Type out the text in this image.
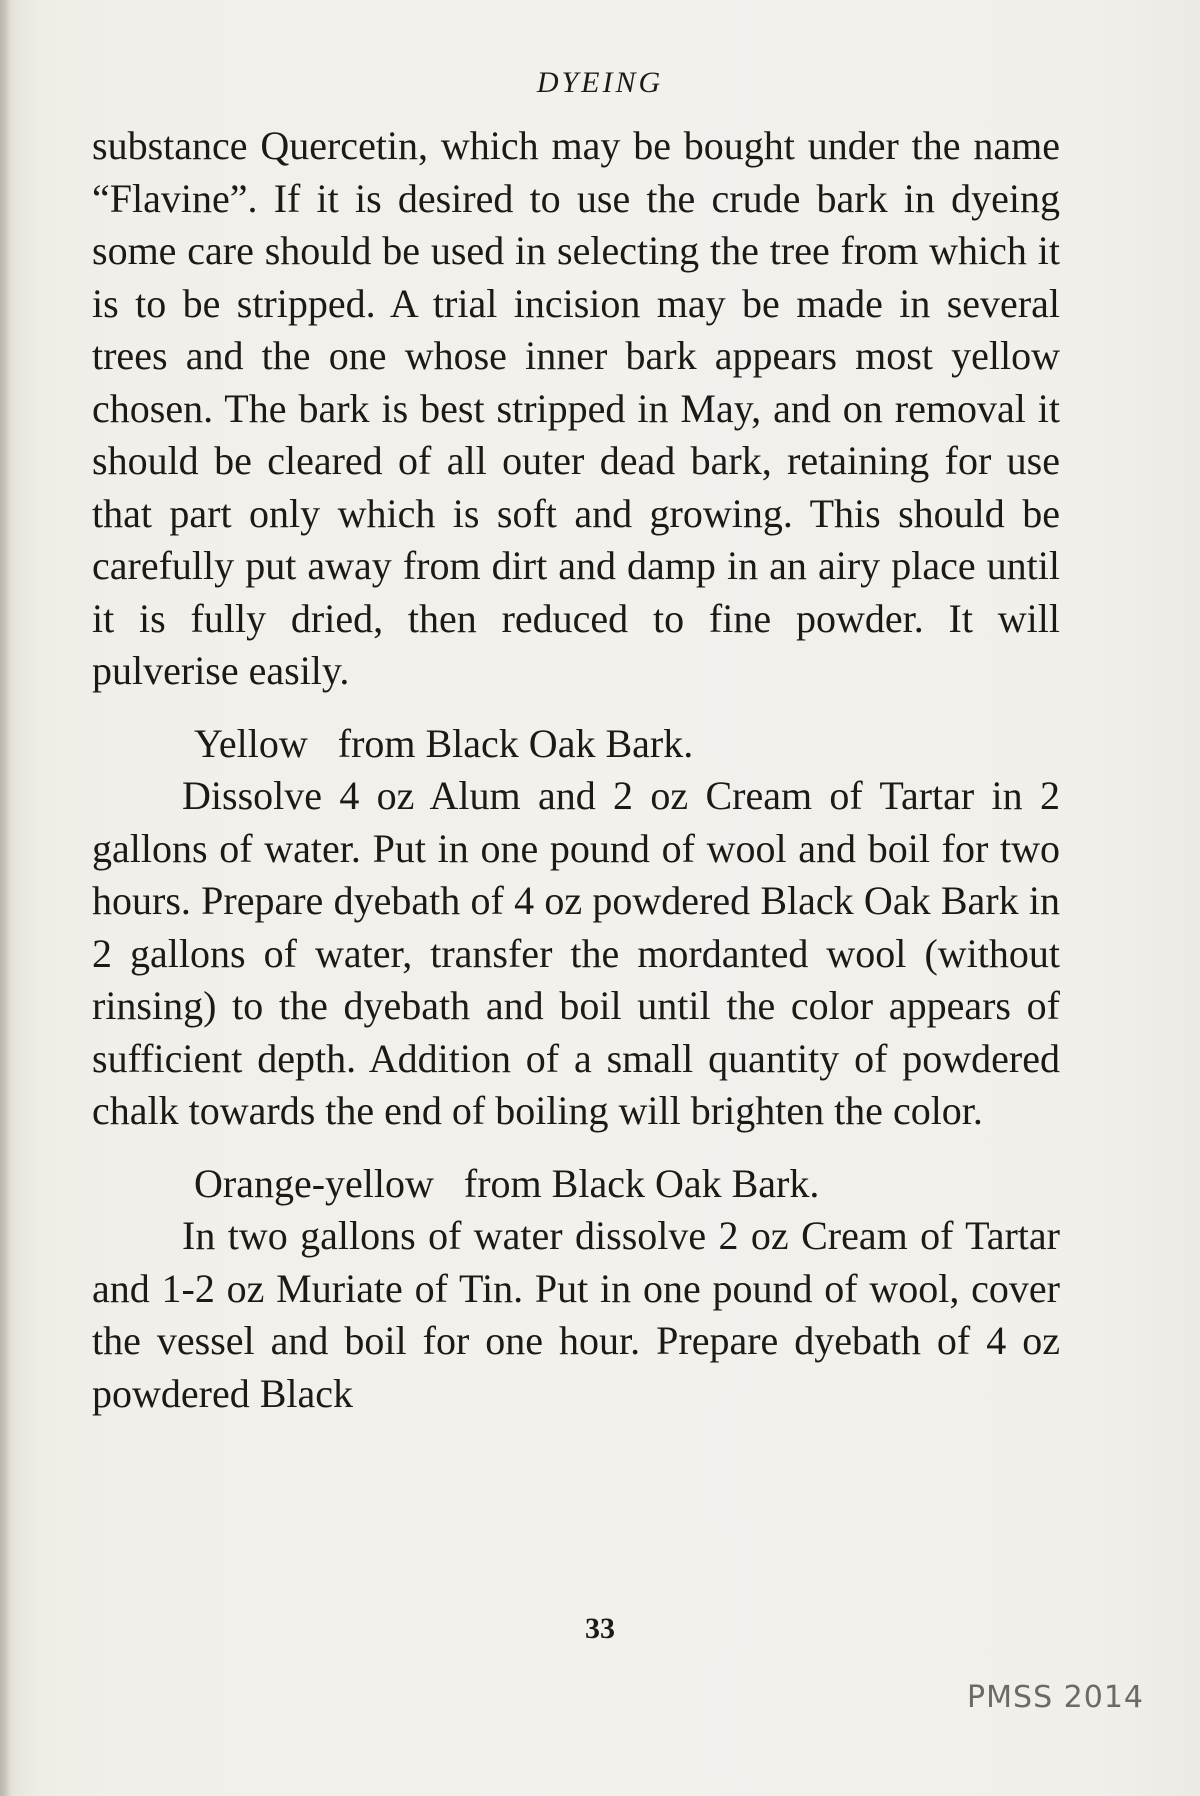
DYEING

substance Quercetin, which may be bought under the name “Flavine”. If it is desired to use the crude bark in dyeing some care should be used in selecting the tree from which it is to be stripped. A trial incision may be made in several trees and the one whose inner bark appears most yellow chosen. The bark is best stripped in May, and on removal it should be cleared of all outer dead bark, retaining for use that part only which is soft and growing. This should be carefully put away from dirt and damp in an airy place until it is fully dried, then reduced to fine powder. It will pulverise easily.

Yellow   from Black Oak Bark.

Dissolve 4 oz Alum and 2 oz Cream of Tartar in 2 gallons of water. Put in one pound of wool and boil for two hours. Prepare dyebath of 4 oz powdered Black Oak Bark in 2 gallons of water, transfer the mordanted wool (without rinsing) to the dyebath and boil until the color appears of sufficient depth. Addition of a small quantity of powdered chalk towards the end of boiling will brighten the color.

Orange-yellow   from Black Oak Bark.

In two gallons of water dissolve 2 oz Cream of Tartar and 1-2 oz Muriate of Tin. Put in one pound of wool, cover the vessel and boil for one hour. Prepare dyebath of 4 oz powdered Black

33
PMSS 2014
